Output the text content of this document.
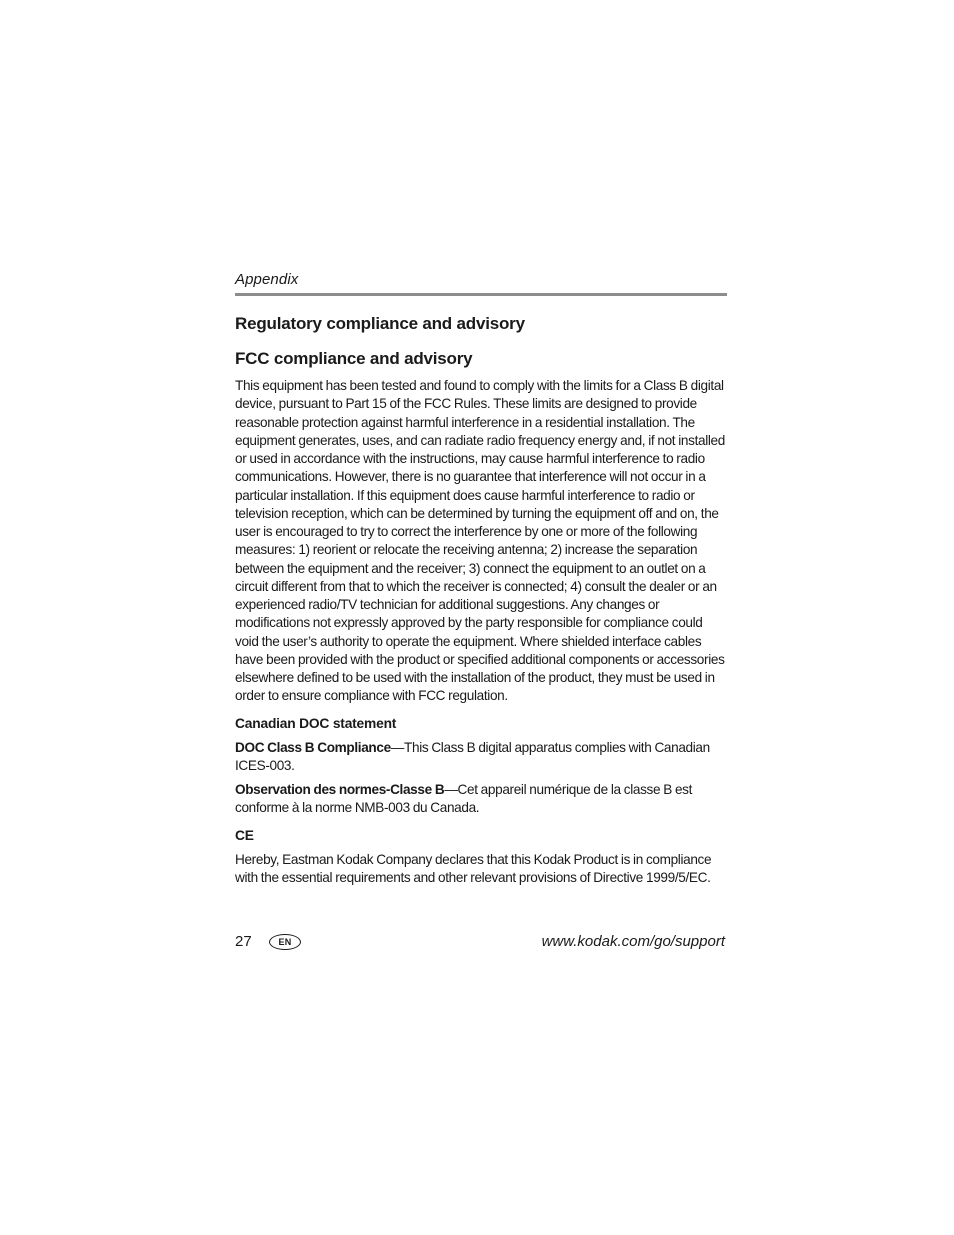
Appendix

Regulatory compliance and advisory
FCC compliance and advisory

This equipment has been tested and found to comply with the limits for a Class B digital device, pursuant to Part 15 of the FCC Rules. These limits are designed to provide reasonable protection against harmful interference in a residential installation. The equipment generates, uses, and can radiate radio frequency energy and, if not installed or used in accordance with the instructions, may cause harmful interference to radio communications. However, there is no guarantee that interference will not occur in a particular installation. If this equipment does cause harmful interference to radio or television reception, which can be determined by turning the equipment off and on, the user is encouraged to try to correct the interference by one or more of the following measures: 1) reorient or relocate the receiving antenna; 2) increase the separation between the equipment and the receiver; 3) connect the equipment to an outlet on a circuit different from that to which the receiver is connected; 4) consult the dealer or an experienced radio/TV technician for additional suggestions. Any changes or modifications not expressly approved by the party responsible for compliance could void the user’s authority to operate the equipment. Where shielded interface cables have been provided with the product or specified additional components or accessories elsewhere defined to be used with the installation of the product, they must be used in order to ensure compliance with FCC regulation.

Canadian DOC statement

DOC Class B Compliance—This Class B digital apparatus complies with Canadian ICES-003.

Observation des normes-Classe B—Cet appareil numérique de la classe B est conforme à la norme NMB-003 du Canada.

CE

Hereby, Eastman Kodak Company declares that this Kodak Product is in compliance with the essential requirements and other relevant provisions of Directive 1999/5/EC.

27	EN	www.kodak.com/go/support
